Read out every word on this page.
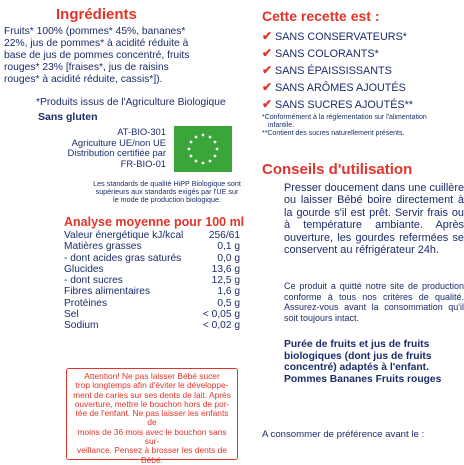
Ingrédients
Fruits* 100% (pommes* 45%, bananes*
22%, jus de pommes* à acidité réduite à
base de jus de pommes concentré, fruits
rouges* 23% [fraises*, jus de raisins
rouges* à acidité réduite, cassis*]).
*Produits issus de l'Agriculture Biologique
Sans gluten
AT-BIO-301
Agriculture UE/non UE
Distribution certifiée par
FR-BIO-01
Les standards de qualité HiPP Biologique sont
supérieurs aux standards exigés par l'UE sur
le mode de production biologique.
Analyse moyenne pour 100 ml
Valeur énergétique kJ/kcal	256/61
Matières grasses	0,1 g
- dont acides gras saturés	0,0 g
Glucides	13,6 g
- dont sucres	12,5 g
Fibres alimentaires	1,6 g
Protéines	0,5 g
Sel	< 0,05 g
Sodium	< 0,02 g
Attention! Ne pas laisser Bébé sucer
trop longtemps afin d'éviter le développe-
ment de caries sur ses dents de lait. Après
ouverture, mettre le bouchon hors de por-
tée de l'enfant. Ne pas laisser les enfants de
moins de 36 mois avec le bouchon sans sur-
veillance. Pensez à brosser les dents de Bébé.
Cette recette est :
✔ SANS CONSERVATEURS*
✔ SANS COLORANTS*
✔ SANS ÉPAISSISSANTS
✔ SANS ARÔMES AJOUTÉS
✔ SANS SUCRES AJOUTÉS**
*Conformément à la réglementation sur l'alimentation
infantile.
**Contient des sucres naturellement présents.
Conseils d'utilisation
Presser doucement dans une cuillère ou laisser Bébé boire directement à la gourde s'il est prêt. Servir frais ou à température ambiante. Après ouverture, les gourdes refermées se conservent au réfrigérateur 24h.
Ce produit a quitté notre site de production conforme à tous nos critères de qualité. Assurez-vous avant la consommation qu'il soit toujours intact.
Purée de fruits et jus de fruits
biologiques (dont jus de fruits
concentré) adaptés à l'enfant.
Pommes Bananes Fruits rouges
A consommer de préférence avant le :
